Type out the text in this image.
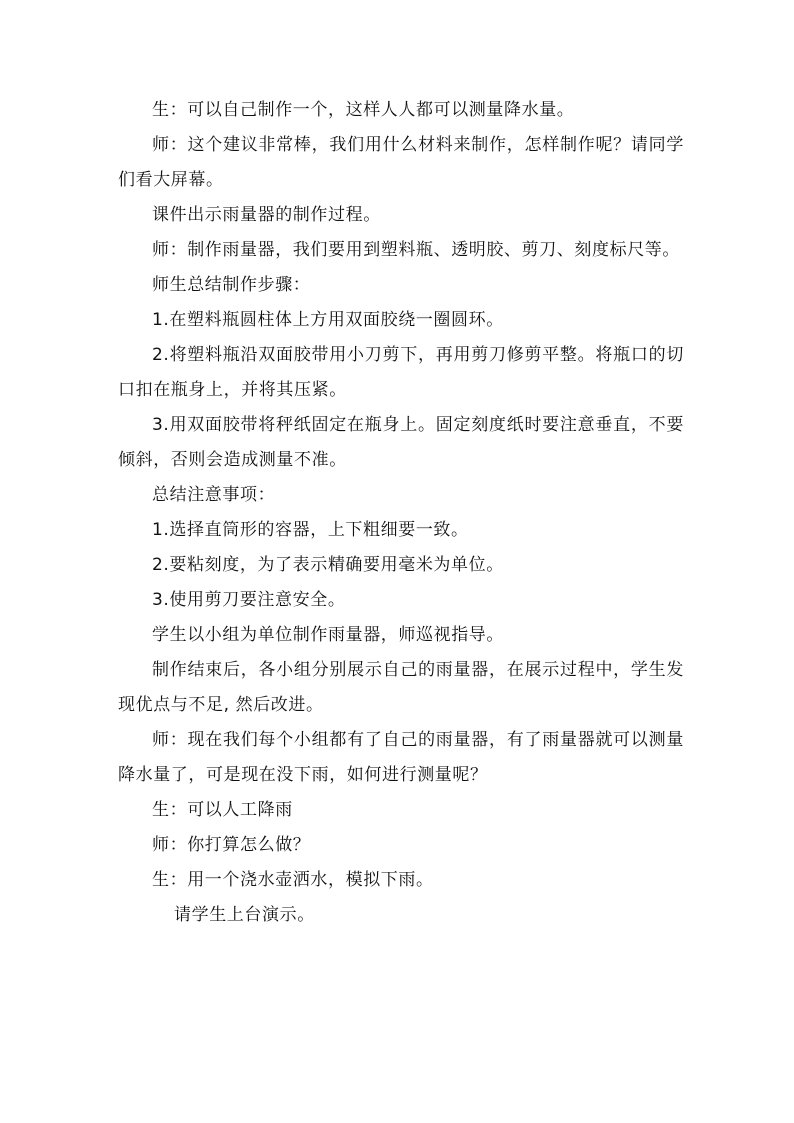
生：可以自己制作一个，这样人人都可以测量降水量。

师：这个建议非常棒，我们用什么材料来制作，怎样制作呢？请同学们看大屏幕。

课件出示雨量器的制作过程。

师：制作雨量器，我们要用到塑料瓶、透明胶、剪刀、刻度标尺等。

师生总结制作步骤：

1.在塑料瓶圆柱体上方用双面胶绕一圈圆环。

2.将塑料瓶沿双面胶带用小刀剪下，再用剪刀修剪平整。将瓶口的切口扣在瓶身上，并将其压紧。

3.用双面胶带将秤纸固定在瓶身上。固定刻度纸时要注意垂直，不要倾斜，否则会造成测量不准。

总结注意事项：

1.选择直筒形的容器，上下粗细要一致。

2.要粘刻度，为了表示精确要用毫米为单位。

3.使用剪刀要注意安全。

学生以小组为单位制作雨量器，师巡视指导。

制作结束后，各小组分别展示自己的雨量器，在展示过程中，学生发现优点与不足, 然后改进。

师：现在我们每个小组都有了自己的雨量器，有了雨量器就可以测量降水量了，可是现在没下雨，如何进行测量呢？

生：可以人工降雨

师：你打算怎么做？

生：用一个浇水壶洒水，模拟下雨。

请学生上台演示。
